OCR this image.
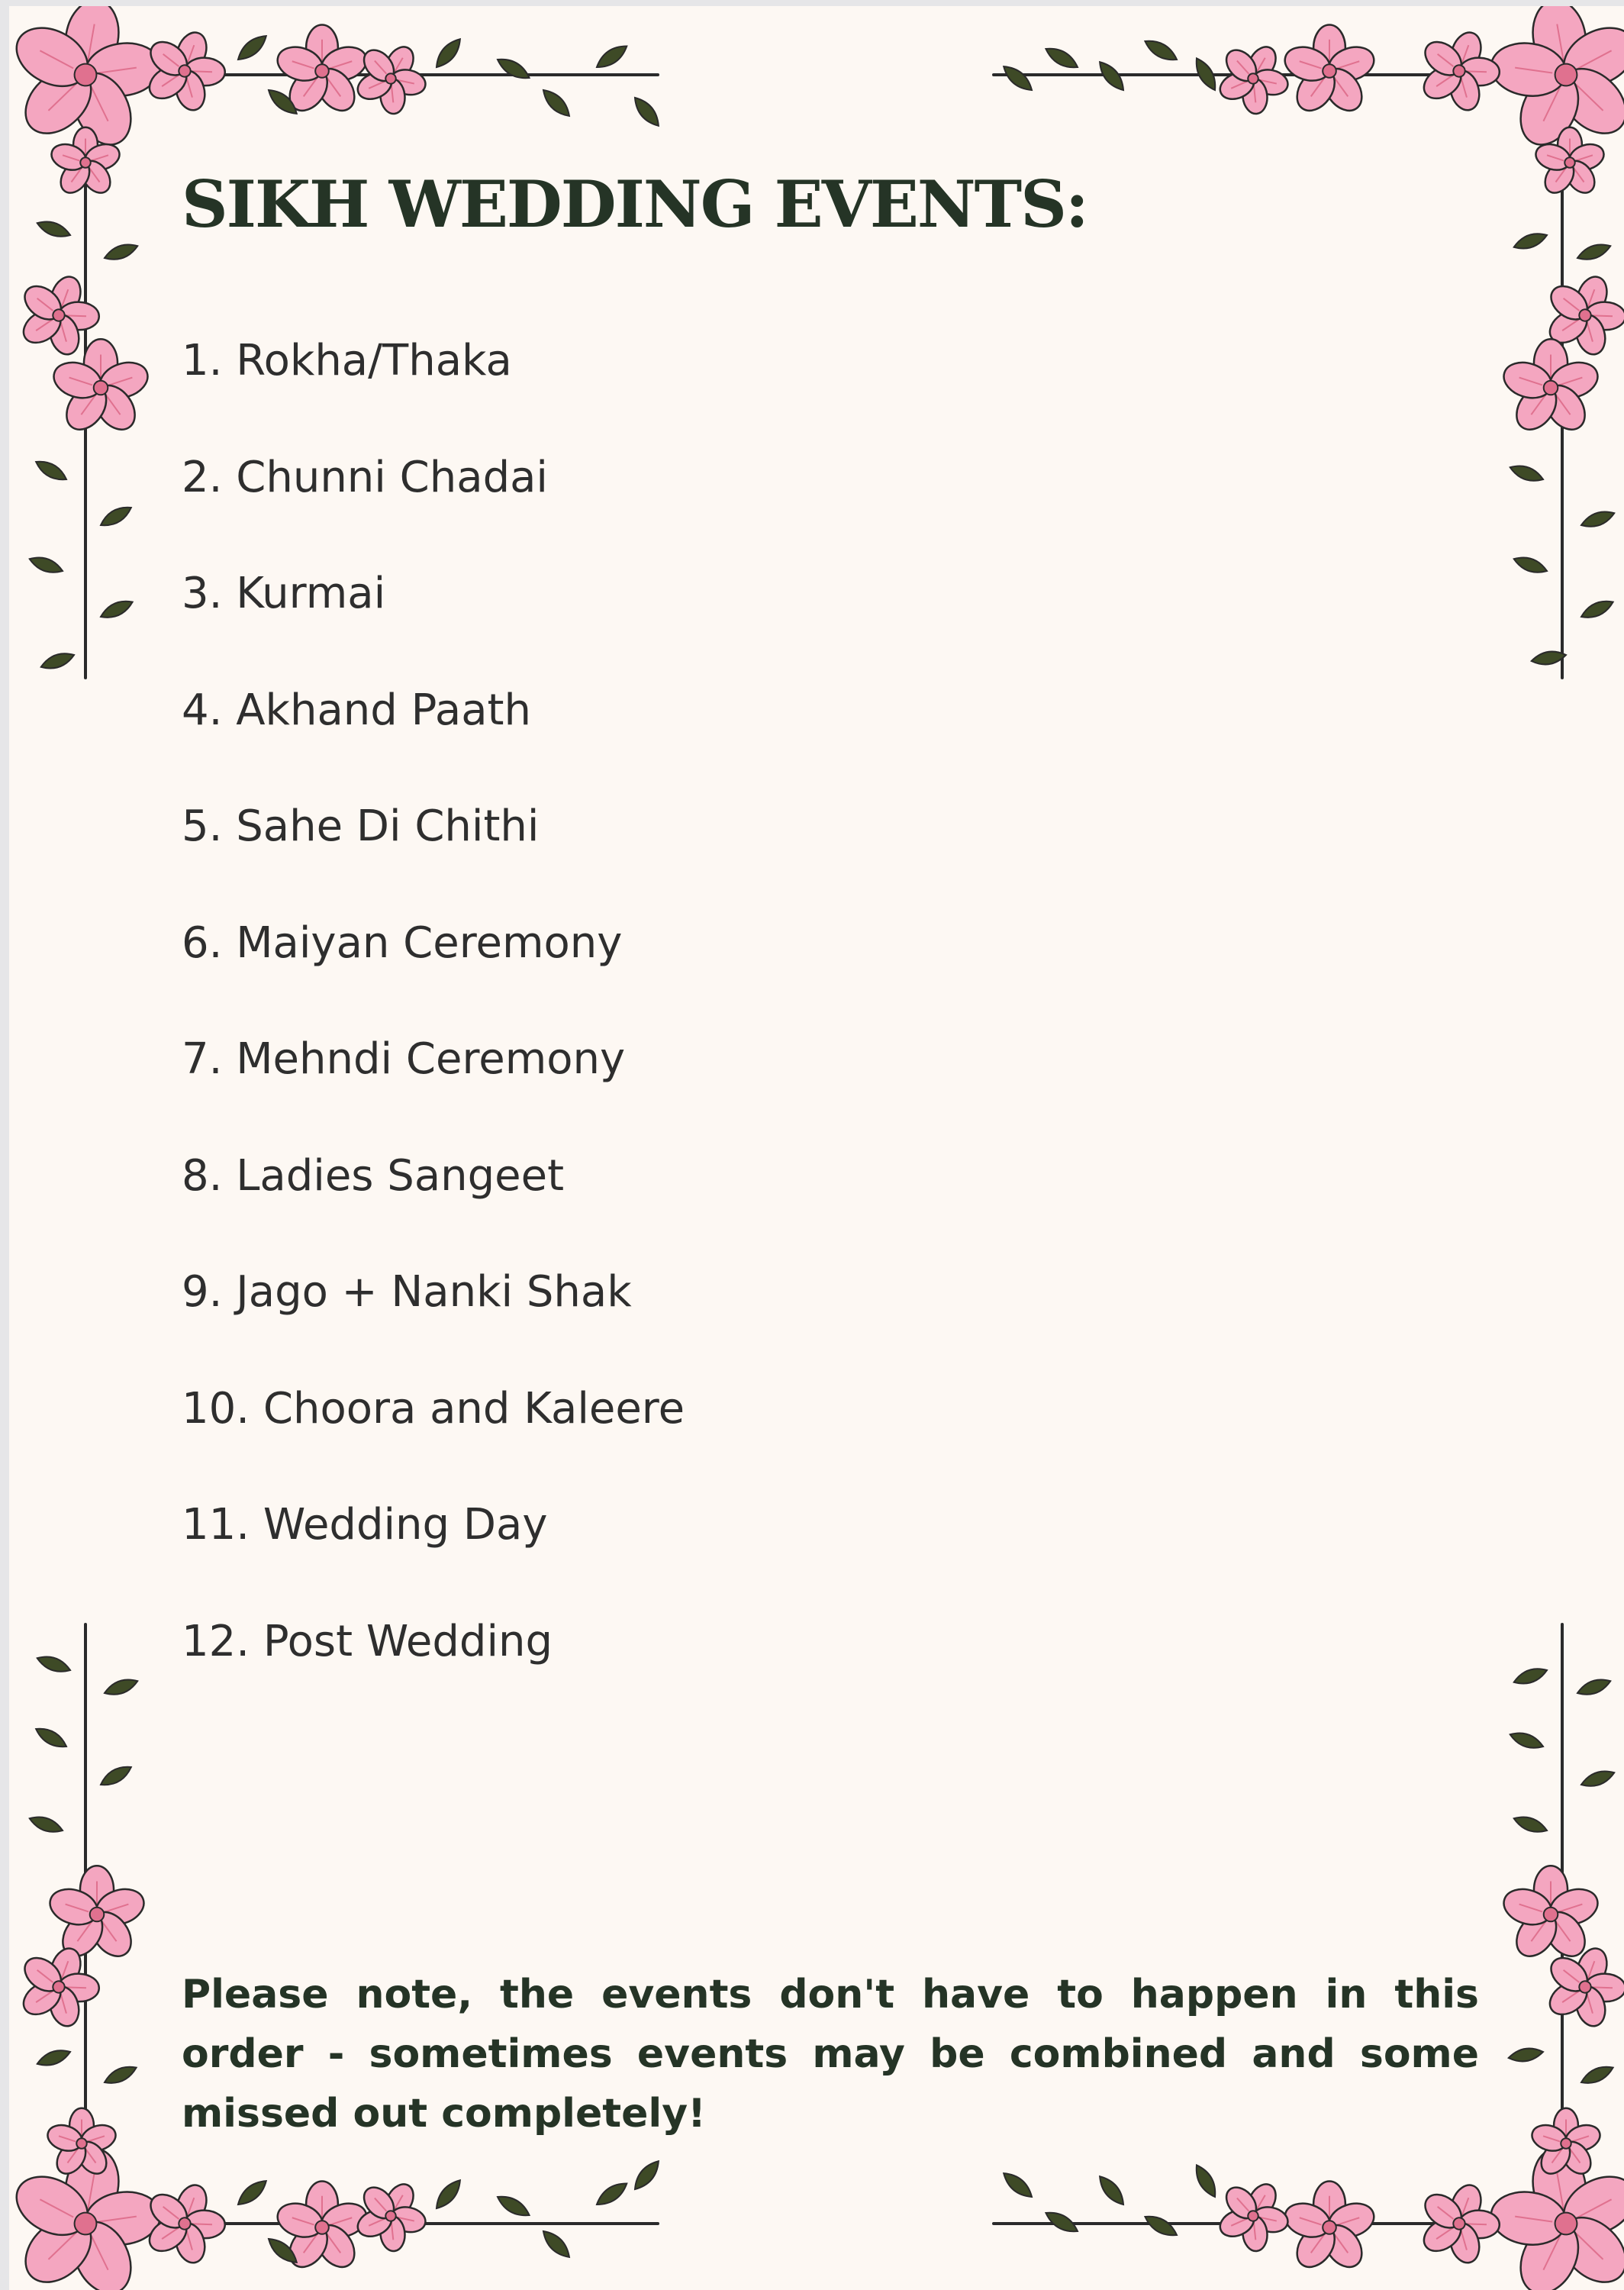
SIKH WEDDING EVENTS:
1. Rokha/Thaka
2. Chunni Chadai
3. Kurmai
4. Akhand Paath
5. Sahe Di Chithi
6. Maiyan Ceremony
7. Mehndi Ceremony
8. Ladies Sangeet
9. Jago + Nanki Shak
10. Choora and Kaleere
11. Wedding Day
12. Post Wedding

Please note, the events don't have to happen in this order - sometimes events may be combined and some missed out completely!
